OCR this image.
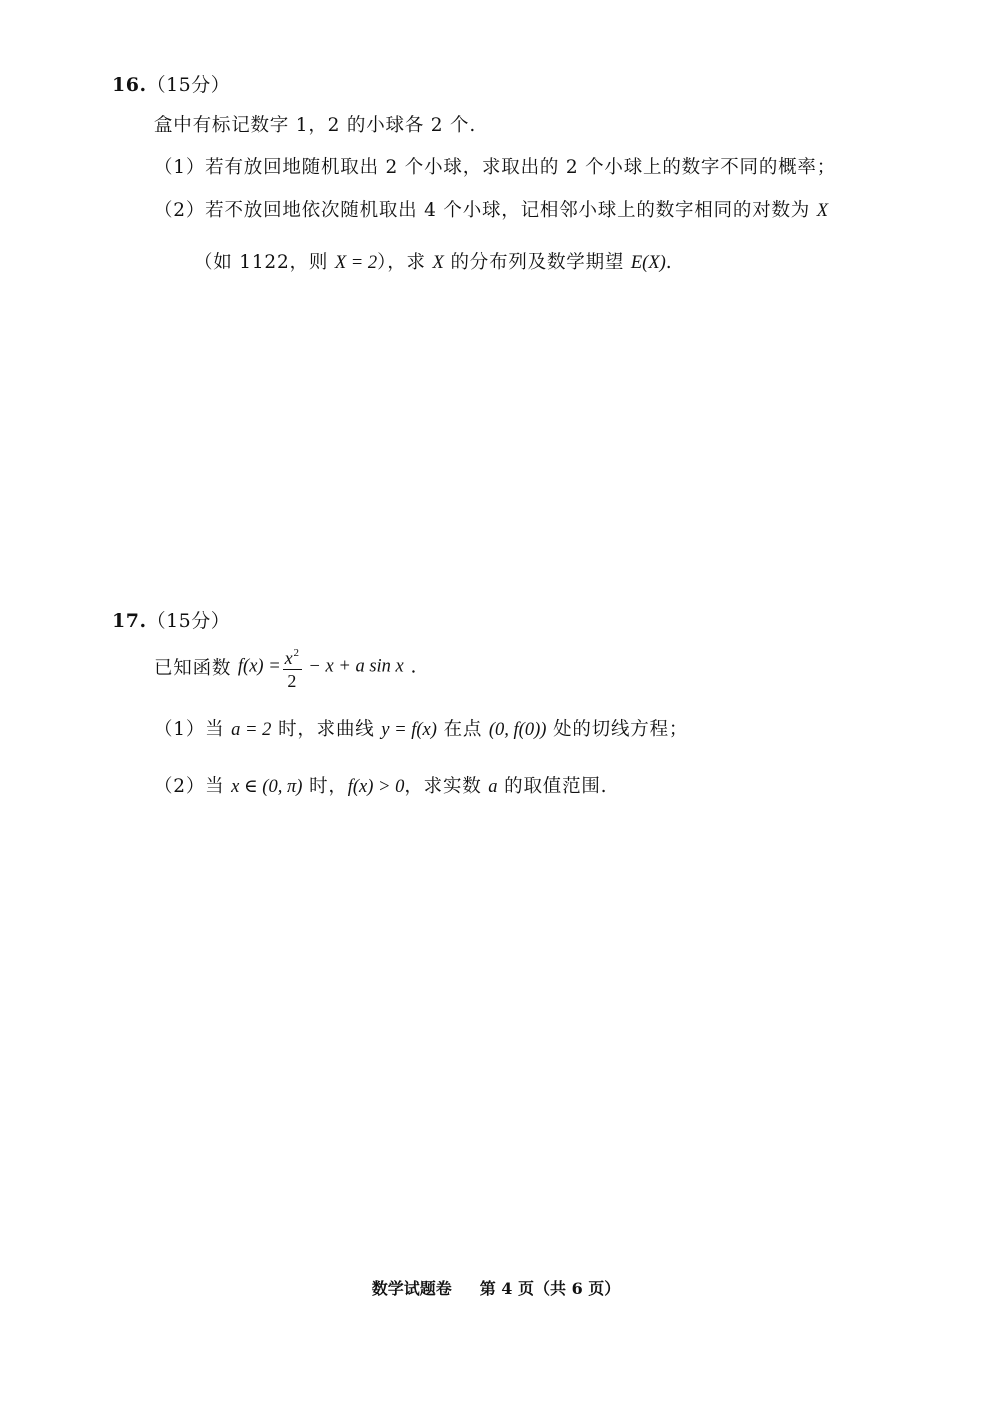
16.（15分）
盒中有标记数字 1，2 的小球各 2 个.
（1）若有放回地随机取出 2 个小球，求取出的 2 个小球上的数字不同的概率；
（2）若不放回地依次随机取出 4 个小球，记相邻小球上的数字相同的对数为 X
（如 1122，则 X = 2），求 X 的分布列及数学期望 E(X).
17.（15分）
已知函数 $f(x) = \frac{x^2}{2} - x + a$ sin x .
（1）当 a = 2 时，求曲线 y = f(x) 在点 (0, f(0)) 处的切线方程；
（2）当 x ∈ (0, π) 时，f(x) > 0，求实数 a 的取值范围.
数学试题卷 第 4 页（共 6 页）
